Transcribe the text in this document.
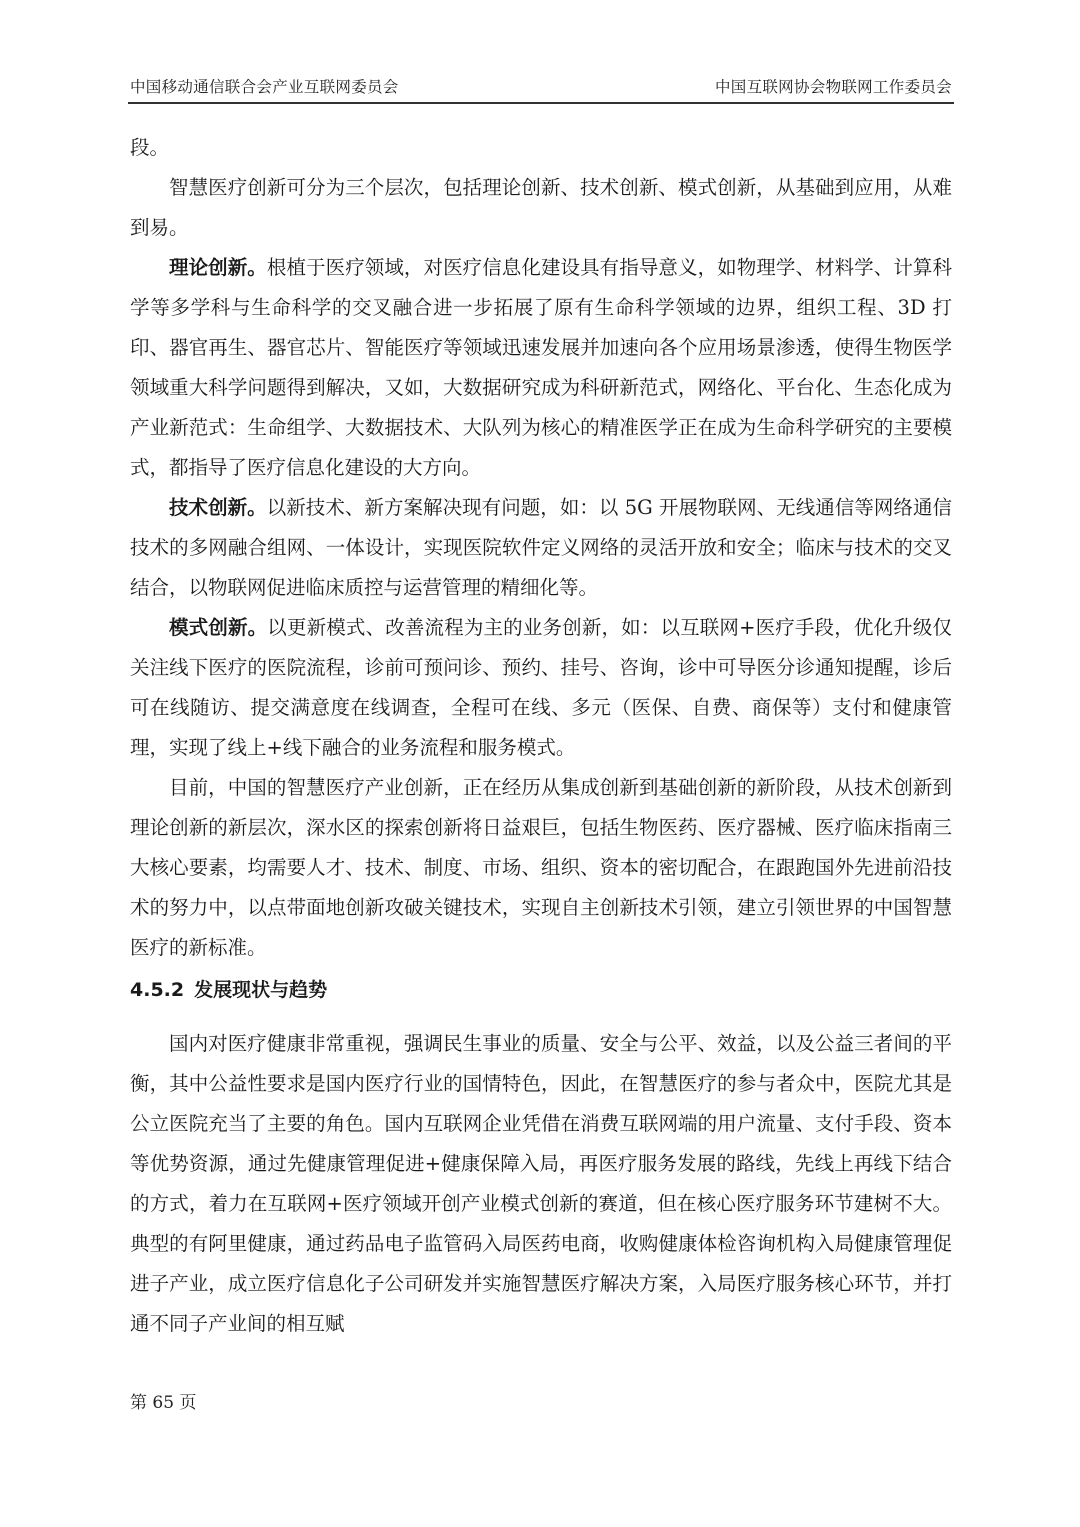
中国移动通信联合会产业互联网委员会	中国互联网协会物联网工作委员会

段。

智慧医疗创新可分为三个层次，包括理论创新、技术创新、模式创新，从基础到应用，从难到易。

理论创新。根植于医疗领域，对医疗信息化建设具有指导意义，如物理学、材料学、计算科学等多学科与生命科学的交叉融合进一步拓展了原有生命科学领域的边界，组织工程、3D 打印、器官再生、器官芯片、智能医疗等领域迅速发展并加速向各个应用场景渗透，使得生物医学领域重大科学问题得到解决，又如，大数据研究成为科研新范式，网络化、平台化、生态化成为产业新范式：生命组学、大数据技术、大队列为核心的精准医学正在成为生命科学研究的主要模式，都指导了医疗信息化建设的大方向。

技术创新。以新技术、新方案解决现有问题，如：以 5G 开展物联网、无线通信等网络通信技术的多网融合组网、一体设计，实现医院软件定义网络的灵活开放和安全；临床与技术的交叉结合，以物联网促进临床质控与运营管理的精细化等。

模式创新。以更新模式、改善流程为主的业务创新，如：以互联网+医疗手段，优化升级仅关注线下医疗的医院流程，诊前可预问诊、预约、挂号、咨询，诊中可导医分诊通知提醒，诊后可在线随访、提交满意度在线调查，全程可在线、多元（医保、自费、商保等）支付和健康管理，实现了线上+线下融合的业务流程和服务模式。

目前，中国的智慧医疗产业创新，正在经历从集成创新到基础创新的新阶段，从技术创新到理论创新的新层次，深水区的探索创新将日益艰巨，包括生物医药、医疗器械、医疗临床指南三大核心要素，均需要人才、技术、制度、市场、组织、资本的密切配合，在跟跑国外先进前沿技术的努力中，以点带面地创新攻破关键技术，实现自主创新技术引领，建立引领世界的中国智慧医疗的新标准。

4.5.2 发展现状与趋势

国内对医疗健康非常重视，强调民生事业的质量、安全与公平、效益，以及公益三者间的平衡，其中公益性要求是国内医疗行业的国情特色，因此，在智慧医疗的参与者众中，医院尤其是公立医院充当了主要的角色。国内互联网企业凭借在消费互联网端的用户流量、支付手段、资本等优势资源，通过先健康管理促进+健康保障入局，再医疗服务发展的路线，先线上再线下结合的方式，着力在互联网+医疗领域开创产业模式创新的赛道，但在核心医疗服务环节建树不大。典型的有阿里健康，通过药品电子监管码入局医药电商，收购健康体检咨询机构入局健康管理促进子产业，成立医疗信息化子公司研发并实施智慧医疗解决方案，入局医疗服务核心环节，并打通不同子产业间的相互赋

第 65 页
